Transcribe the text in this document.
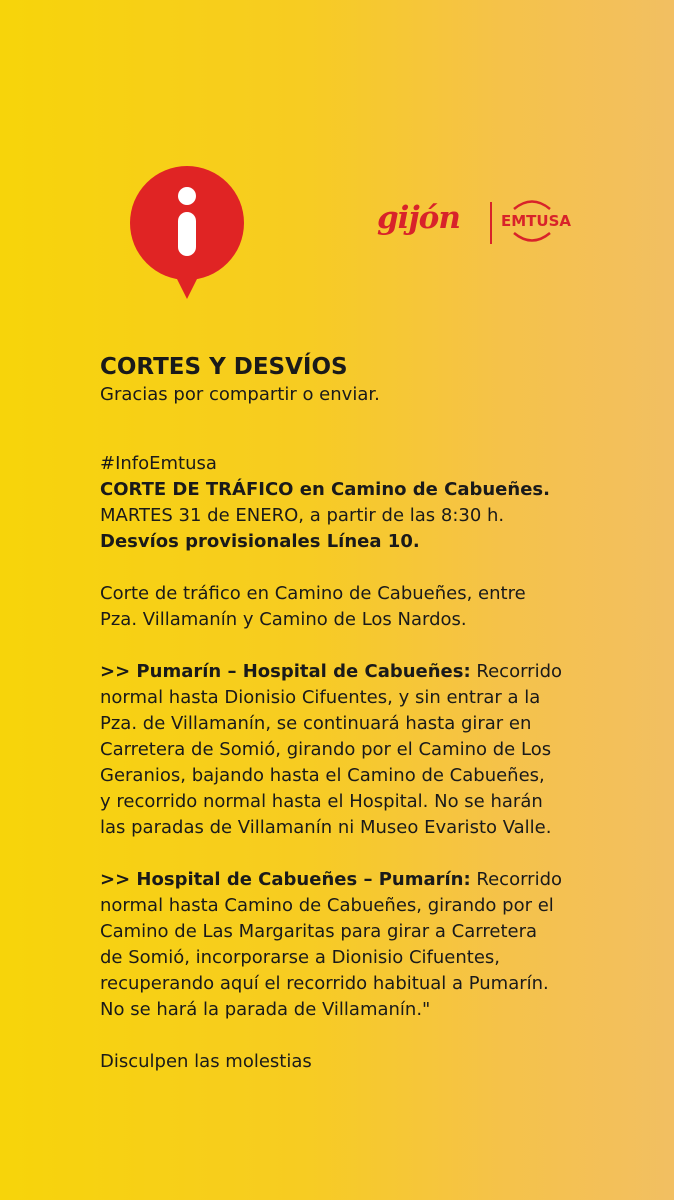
gijón	EMTUSA

CORTES Y DESVÍOS

Gracias por compartir o enviar.

#InfoEmtusa

CORTE DE TRÁFICO en Camino de Cabueñes.

MARTES 31 de ENERO, a partir de las 8:30 h.

Desvíos provisionales Línea 10.

Corte de tráfico en Camino de Cabueñes, entre

Pza. Villamanín y Camino de Los Nardos.

>> Pumarín – Hospital de Cabueñes: Recorrido

normal hasta Dionisio Cifuentes, y sin entrar a la

Pza. de Villamanín, se continuará hasta girar en

Carretera de Somió, girando por el Camino de Los

Geranios, bajando hasta el Camino de Cabueñes,

y recorrido normal hasta el Hospital. No se harán

las paradas de Villamanín ni Museo Evaristo Valle.

>> Hospital de Cabueñes – Pumarín: Recorrido

normal hasta Camino de Cabueñes, girando por el

Camino de Las Margaritas para girar a Carretera

de Somió, incorporarse a Dionisio Cifuentes,

recuperando aquí el recorrido habitual a Pumarín.

No se hará la parada de Villamanín."

Disculpen las molestias
